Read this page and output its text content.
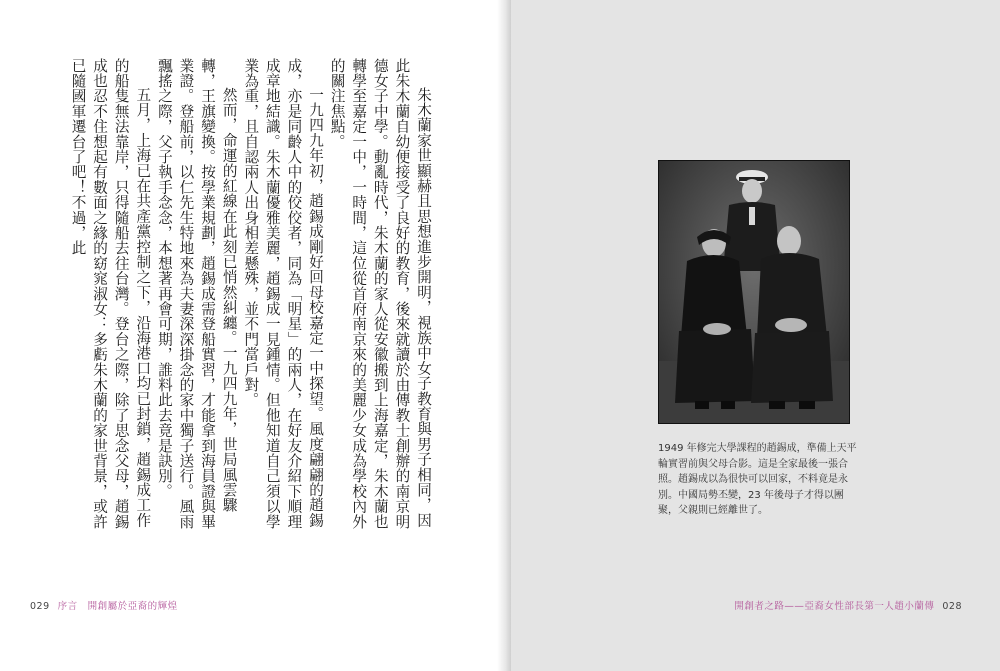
朱木蘭家世顯赫且思想進步開明，視族中女子教育與男子相同，因此朱木蘭自幼便接受了良好的教育，後來就讀於由傳教士創辦的南京明德女子中學。動亂時代，朱木蘭的家人從安徽搬到上海嘉定，朱木蘭也轉學至嘉定一中，一時間，這位從首府南京來的美麗少女成為學校內外的關注焦點。

一九四九年初，趙錫成剛好回母校嘉定一中探望。風度翩翩的趙錫成，亦是同齡人中的佼佼者，同為「明星」的兩人，在好友介紹下順理成章地結識。朱木蘭優雅美麗，趙錫成一見鍾情。但他知道自己須以學業為重，且自認兩人出身相差懸殊，並不門當戶對。

然而，命運的紅線在此刻已悄然糾纏。一九四九年，世局風雲驟轉，王旗變換。按學業規劃，趙錫成需登船實習，才能拿到海員證與畢業證。登船前，以仁先生特地來為夫妻深深掛念的家中獨子送行。風雨飄搖之際，父子執手念念，本想著再會可期，誰料此去竟是訣別。

五月，上海已在共產黨控制之下，沿海港口均已封鎖，趙錫成工作的船隻無法靠岸，只得隨船去往台灣。登台之際，除了思念父母，趙錫成也忍不住想起有數面之緣的窈窕淑女：多虧朱木蘭的家世背景，或許已隨國軍遷台了吧！不過，此

029 序言　開創屬於亞裔的輝煌
1949 年修完大學課程的趙錫成，準備上天平輪實習前與父母合影。這是全家最後一張合照。趙錫成以為很快可以回家，不料竟是永別。中國局勢丕變，23 年後母子才得以團聚，父親則已經離世了。
開創者之路——亞裔女性部長第一人趙小蘭傳 028
